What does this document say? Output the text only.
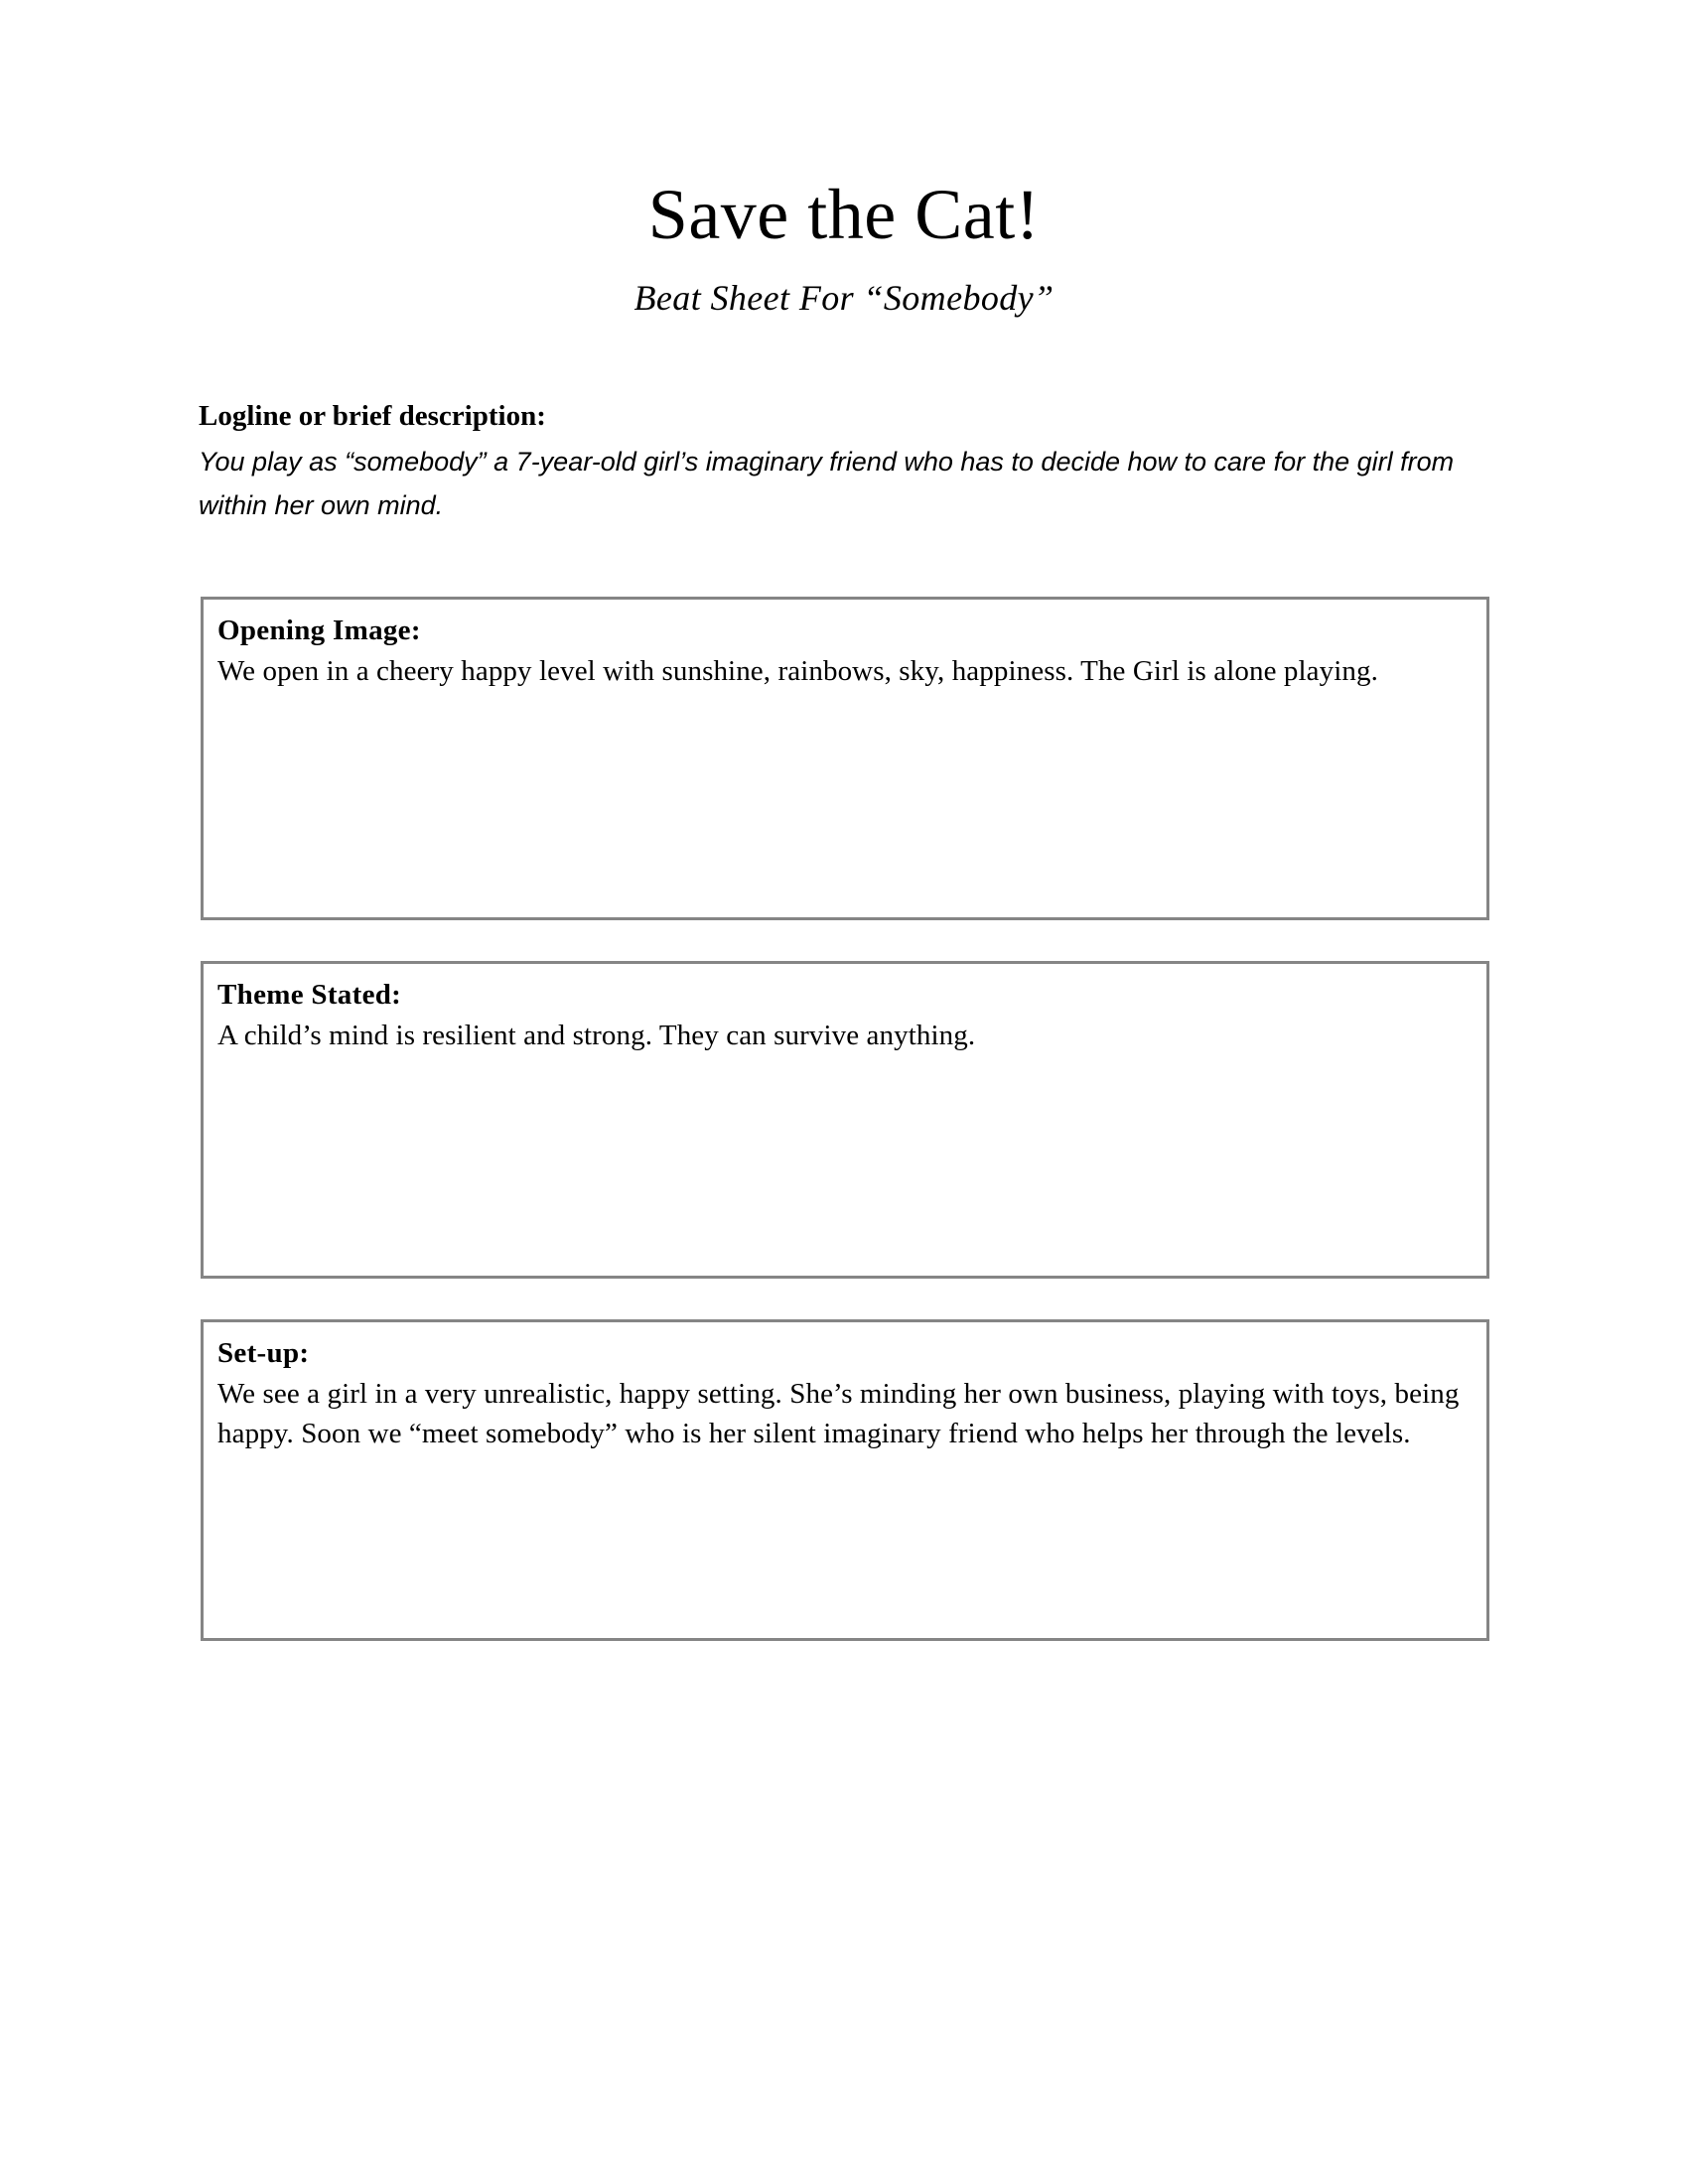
Save the Cat!
Beat Sheet For “Somebody”
Logline or brief description:
You play as “somebody” a 7-year-old girl’s imaginary friend who has to decide how to care for the girl from within her own mind.
Opening Image:
We open in a cheery happy level with sunshine, rainbows, sky, happiness. The Girl is alone playing.
Theme Stated:
A child’s mind is resilient and strong. They can survive anything.
Set-up:
We see a girl in a very unrealistic, happy setting. She’s minding her own business, playing with toys, being happy. Soon we “meet somebody” who is her silent imaginary friend who helps her through the levels.
